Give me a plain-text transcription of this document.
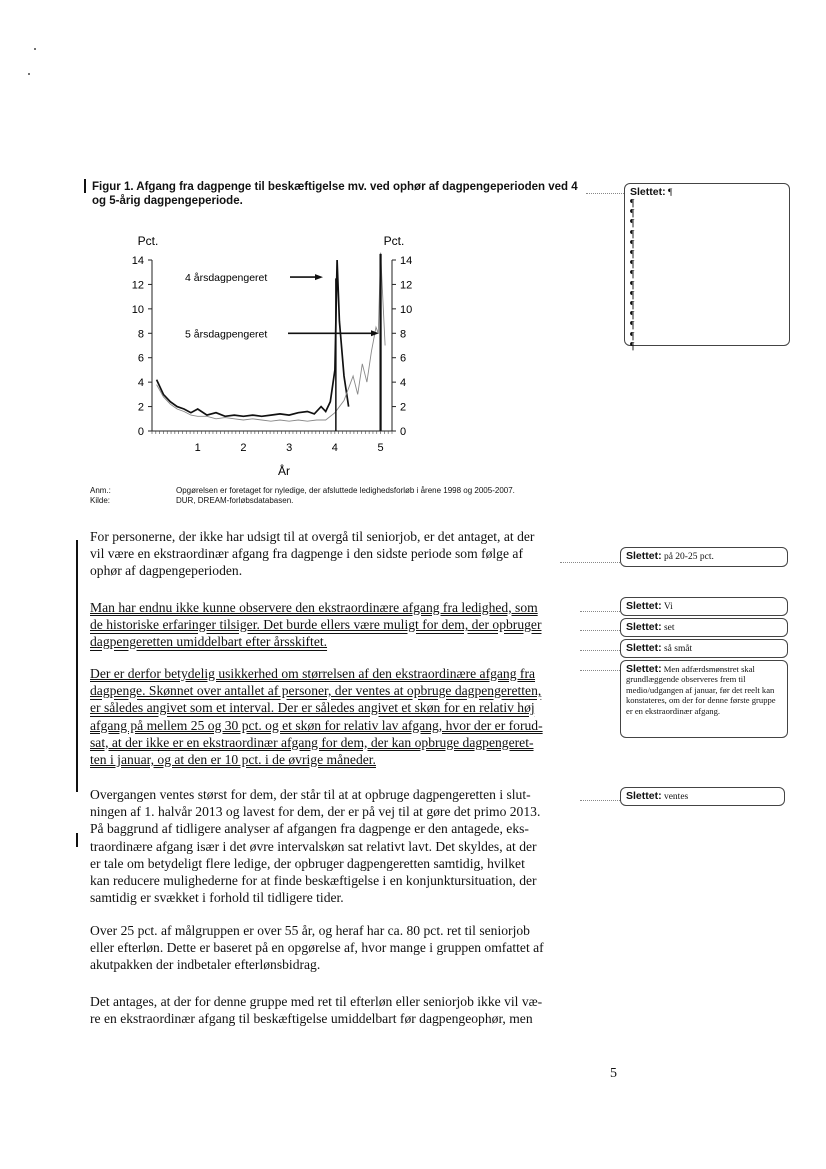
Figur 1. Afgang fra dagpenge til beskæftigelse mv. ved ophør af dagpengeperioden ved 4
og 5-årig dagpengeperiode.
0	0
2	2
4	4
6	6
8	8
10	10
12	12
14	14
1	2	3	4	5
Pct.	Pct.
År
4 årsdagpengeret
5 årsdagpengeret
Anm.:	Opgørelsen er foretaget for nyledige, der afsluttede ledighedsforløb i årene 1998 og 2005-2007.
Kilde:	DUR, DREAM-forløbsdatabasen.

For personerne, der ikke har udsigt til at overgå til seniorjob, er det antaget, at der

vil være en ekstraordinær afgang fra dagpenge i den sidste periode som følge af

ophør af dagpengeperioden.

Man har endnu ikke kunne observere den ekstraordinære afgang fra ledighed, som

de historiske erfaringer tilsiger. Det burde ellers være muligt for dem, der opbruger

dagpengeretten umiddelbart efter årsskiftet.

Der er derfor betydelig usikkerhed om størrelsen af den ekstraordinære afgang fra

dagpenge. Skønnet over antallet af personer, der ventes at opbruge dagpengeretten,

er således angivet som et interval. Der er således angivet et skøn for en relativ høj

afgang på mellem 25 og 30 pct. og et skøn for relativ lav afgang, hvor der er forud-

sat, at der ikke er en ekstraordinær afgang for dem, der kan opbruge dagpengeret-

ten i januar, og at den er 10 pct. i de øvrige måneder.

Overgangen ventes størst for dem, der står til at at opbruge dagpengeretten i slut-

ningen af 1. halvår 2013 og lavest for dem, der er på vej til at gøre det primo 2013.

På baggrund af tidligere analyser af afgangen fra dagpenge er den antagede, eks-

traordinære afgang især i det øvre intervalskøn sat relativt lavt. Det skyldes, at der

er tale om betydeligt flere ledige, der opbruger dagpengeretten samtidig, hvilket

kan reducere mulighederne for at finde beskæftigelse i en konjunktursituation, der

samtidig er svækket i forhold til tidligere tider.

Over 25 pct. af målgruppen er over 55 år, og heraf har ca. 80 pct. ret til seniorjob

eller efterløn. Dette er baseret på en opgørelse af, hvor mange i gruppen omfattet af

akutpakken der indbetaler efterlønsbidrag.

Det antages, at der for denne gruppe med ret til efterløn eller seniorjob ikke vil væ-

re en ekstraordinær afgang til beskæftigelse umiddelbart før dagpengeophør, men

Slettet: ¶
¶ ¶ ¶ ¶ ¶ ¶ ¶ ¶ ¶ ¶ ¶ ¶ ¶ ¶ ¶
Slettet: på 20-25 pct.
Slettet: Vi
Slettet: set
Slettet: så småt
Slettet: Men adfærdsmønstret skal grundlæggende observeres frem til medio/udgangen af januar, før det reelt kan konstateres, om der for denne første gruppe er en ekstraordinær afgang.
Slettet: ventes
5
